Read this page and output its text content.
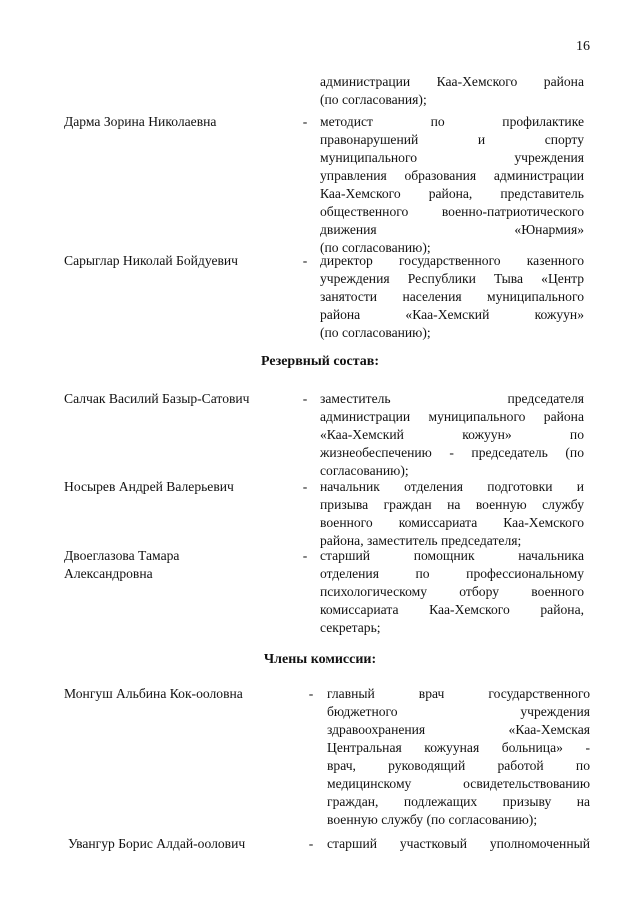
16
администрации Каа-Хемского района
(по согласования);
Дарма Зорина Николаевна	- методист по профилактике
правонарушений и спорту
муниципального учреждения
управления образования администрации
Каа-Хемского района, представитель
общественного военно-патриотического
движения «Юнармия»
(по согласованию);
Сарыглар Николай Бойдуевич	- директор государственного казенного
учреждения Республики Тыва «Центр
занятости населения муниципального
района «Каа-Хемский кожуун»
(по согласованию);
Резервный состав:
Салчак Василий Базыр-Сатович	- заместитель председателя
администрации муниципального района
«Каа-Хемский кожуун» по
жизнеобеспечению - председатель (по
согласованию);
Носырев Андрей Валерьевич	- начальник отделения подготовки и
призыва граждан на военную службу
военного комиссариата Каа-Хемского
района, заместитель председателя;
Двоеглазова Тамара
Александровна
- старший помощник начальника
отделения по профессиональному
психологическому отбору военного
комиссариата Каа-Хемского района,
секретарь;
Члены комиссии:
Монгуш Альбина Кок-ооловна	- главный врач государственного
бюджетного учреждения
здравоохранения «Каа-Хемская
Центральная кожууная больница» -
врач, руководящий работой по
медицинскому освидетельствованию
граждан, подлежащих призыву на
военную службу (по согласованию);
Увангур Борис Алдай-оолович	- старший участковый уполномоченный
